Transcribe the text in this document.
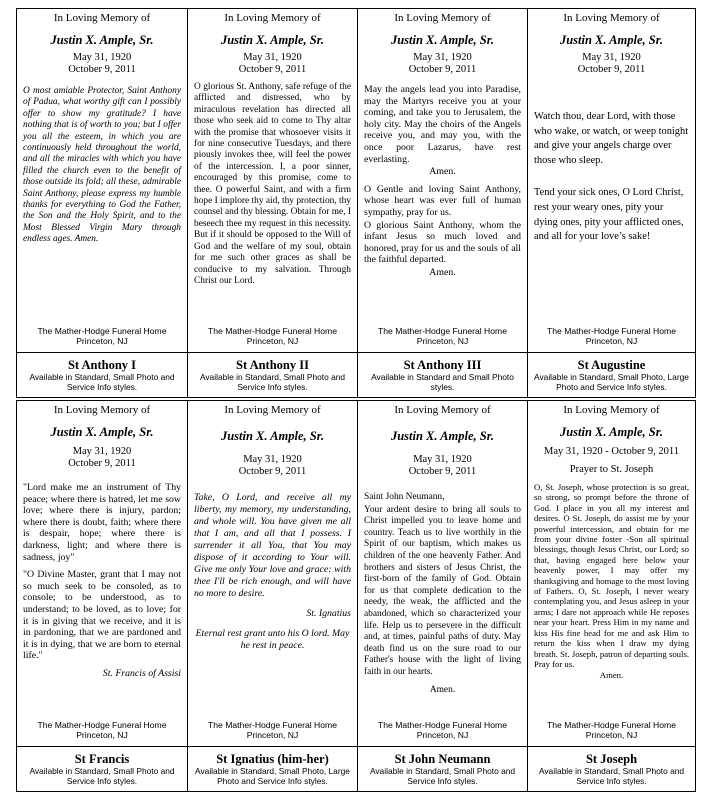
In Loving Memory of
Justin X. Ample, Sr.
May 31, 1920
October 9, 2011

O most amiable Protector, Saint Anthony of Padua, what worthy gift can I possibly offer to show my gratitude? I have nothing that is of worth to you; but I offer you all the esteem, in which you are continuously held throughout the world, and all the miracles with which you have filled the church even to the benefit of those outside its fold; all these, admirable Saint Anthony, please express my humble thanks for everything to God the Father, the Son and the Holy Spirit, and to the Most Blessed Virgin Mary through endless ages. Amen.

The Mather-Hodge Funeral Home
Princeton, NJ
St Anthony I
Available in Standard, Small Photo and Service Info styles.
In Loving Memory of
Justin X. Ample, Sr.
May 31, 1920
October 9, 2011

O glorious St. Anthony, safe refuge of the afflicted and distressed, who by miraculous revelation has directed all those who seek aid to come to Thy altar with the promise that whosoever visits it for nine consecutive Tuesdays, and there piously invokes thee, will feel the power of the intercession. I, a poor sinner, encouraged by this promise, come to thee. O powerful Saint, and with a firm hope I implore thy aid, thy protection, thy counsel and thy blessing. Obtain for me, I beseech thee my request in this necessity. But if it should be opposed to the Will of God and the welfare of my soul, obtain for me such other graces as shall be conducive to my salvation. Through Christ our Lord.

The Mather-Hodge Funeral Home
Princeton, NJ
St Anthony II
Available in Standard, Small Photo and Service Info styles.
In Loving Memory of
Justin X. Ample, Sr.
May 31, 1920
October 9, 2011

May the angels lead you into Paradise, may the Martyrs receive you at your coming, and take you to Jerusalem, the holy city. May the choirs of the Angels receive you, and may you, with the once poor Lazarus, have rest everlasting.

Amen.

O Gentle and loving Saint Anthony, whose heart was ever full of human sympathy, pray for us.

O glorious Saint Anthony, whom the infant Jesus so much loved and honored, pray for us and the souls of all the faithful departed.

Amen.

The Mather-Hodge Funeral Home
Princeton, NJ
St Anthony III
Available in Standard and Small Photo styles.
In Loving Memory of
Justin X. Ample, Sr.
May 31, 1920
October 9, 2011

Watch thou, dear Lord, with those who wake, or watch, or weep tonight and give your angels charge over those who sleep.

Tend your sick ones, O Lord Christ, rest your weary ones, pity your dying ones, pity your afflicted ones, and all for your love’s sake!

The Mather-Hodge Funeral Home
Princeton, NJ
St Augustine
Available in Standard, Small Photo, Large Photo and Service Info styles.
In Loving Memory of
Justin X. Ample, Sr.
May 31, 1920
October 9, 2011

"Lord make me an instrument of Thy peace; where there is hatred, let me sow love; where there is injury, pardon; where there is doubt, faith; where there is despair, hope; where there is darkness, light; and where there is sadness, joy"

"O Divine Master, grant that I may not so much seek to be consoled, as to console; to be understood, as to understand; to be loved, as to love; for it is in giving that we receive, and it is in pardoning, that we are pardoned and it is in dying, that we are born to eternal life."

St. Francis of Assisi

The Mather-Hodge Funeral Home
Princeton, NJ
St Francis
Available in Standard, Small Photo and Service Info styles.
In Loving Memory of
Justin X. Ample, Sr.
May 31, 1920
October 9, 2011

Take, O Lord, and receive all my liberty, my memory, my understanding, and whole will. You have given me all that I am, and all that I possess. I surrender it all You, that You may dispose of it according to Your will. Give me only Your love and grace: with thee I'll be rich enough, and will have no more to desire.

St. Ignatius

Eternal rest grant unto his O lord. May he rest in peace.

The Mather-Hodge Funeral Home
Princeton, NJ
St Ignatius (him-her)
Available in Standard, Small Photo, Large Photo and Service Info styles.
In Loving Memory of
Justin X. Ample, Sr.
May 31, 1920
October 9, 2011

Saint John Neumann,

Your ardent desire to bring all souls to Christ impelled you to leave home and country. Teach us to live worthily in the Spirit of our baptism, which makes us children of the one heavenly Father. And brothers and sisters of Jesus Christ, the first-born of the family of God. Obtain for us that complete dedication to the needy, the weak, the afflicted and the abandoned, which so characterized your life. Help us to persevere in the difficult and, at times, painful paths of duty. May death find us on the sure road to our Father's house with the light of living faith in our hearts.

Amen.

The Mather-Hodge Funeral Home
Princeton, NJ
St John Neumann
Available in Standard, Small Photo and Service Info styles.
In Loving Memory of
Justin X. Ample, Sr.
May 31, 1920 - October 9, 2011
Prayer to St. Joseph

O, St. Joseph, whose protection is so great, so strong, so prompt before the throne of God. I place in you all my interest and desires. O St. Joseph, do assist me by your powerful intercession, and obtain for me from your divine foster -Son all spiritual blessings, though Jesus Christ, our Lord; so that, having engaged here below your heavenly power, I may offer my thanksgiving and homage to the most loving of Fathers. O, St. Joseph, I never weary contemplating you, and Jesus asleep in your arms; I dare not approach while He reposes near your heart. Press Him in my name and kiss His fine head for me and ask Him to return the kiss when I draw my dying breath. St. Joseph, patron of departing souls. Pray for us.

Amen.

The Mather-Hodge Funeral Home
Princeton, NJ
St Joseph
Available in Standard, Small Photo and Service Info styles.
